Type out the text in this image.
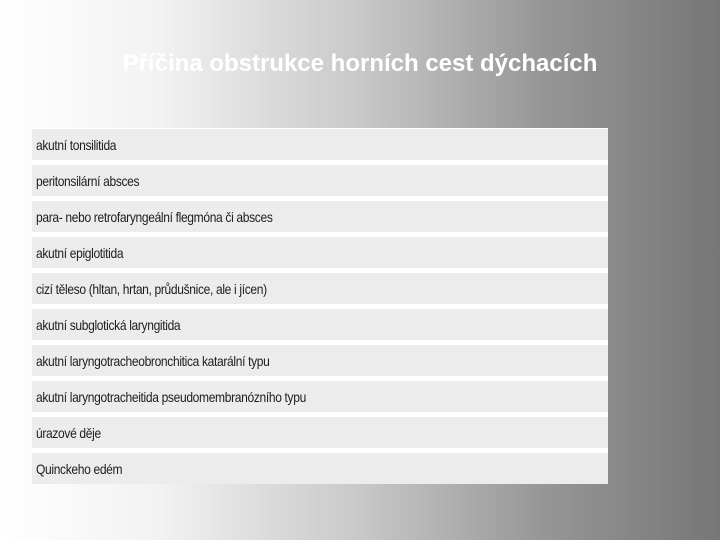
Příčina obstrukce horních cest dýchacích
akutní tonsilitida
peritonsilární absces
para- nebo retrofaryngeální flegmóna či absces
akutní epiglotitida
cizí těleso (hltan, hrtan, průdušnice, ale i jícen)
akutní subglotická laryngitida
akutní laryngotracheobronchitica katarální typu
akutní laryngotracheitida pseudomembranózního typu
úrazové děje
Quinckeho edém
